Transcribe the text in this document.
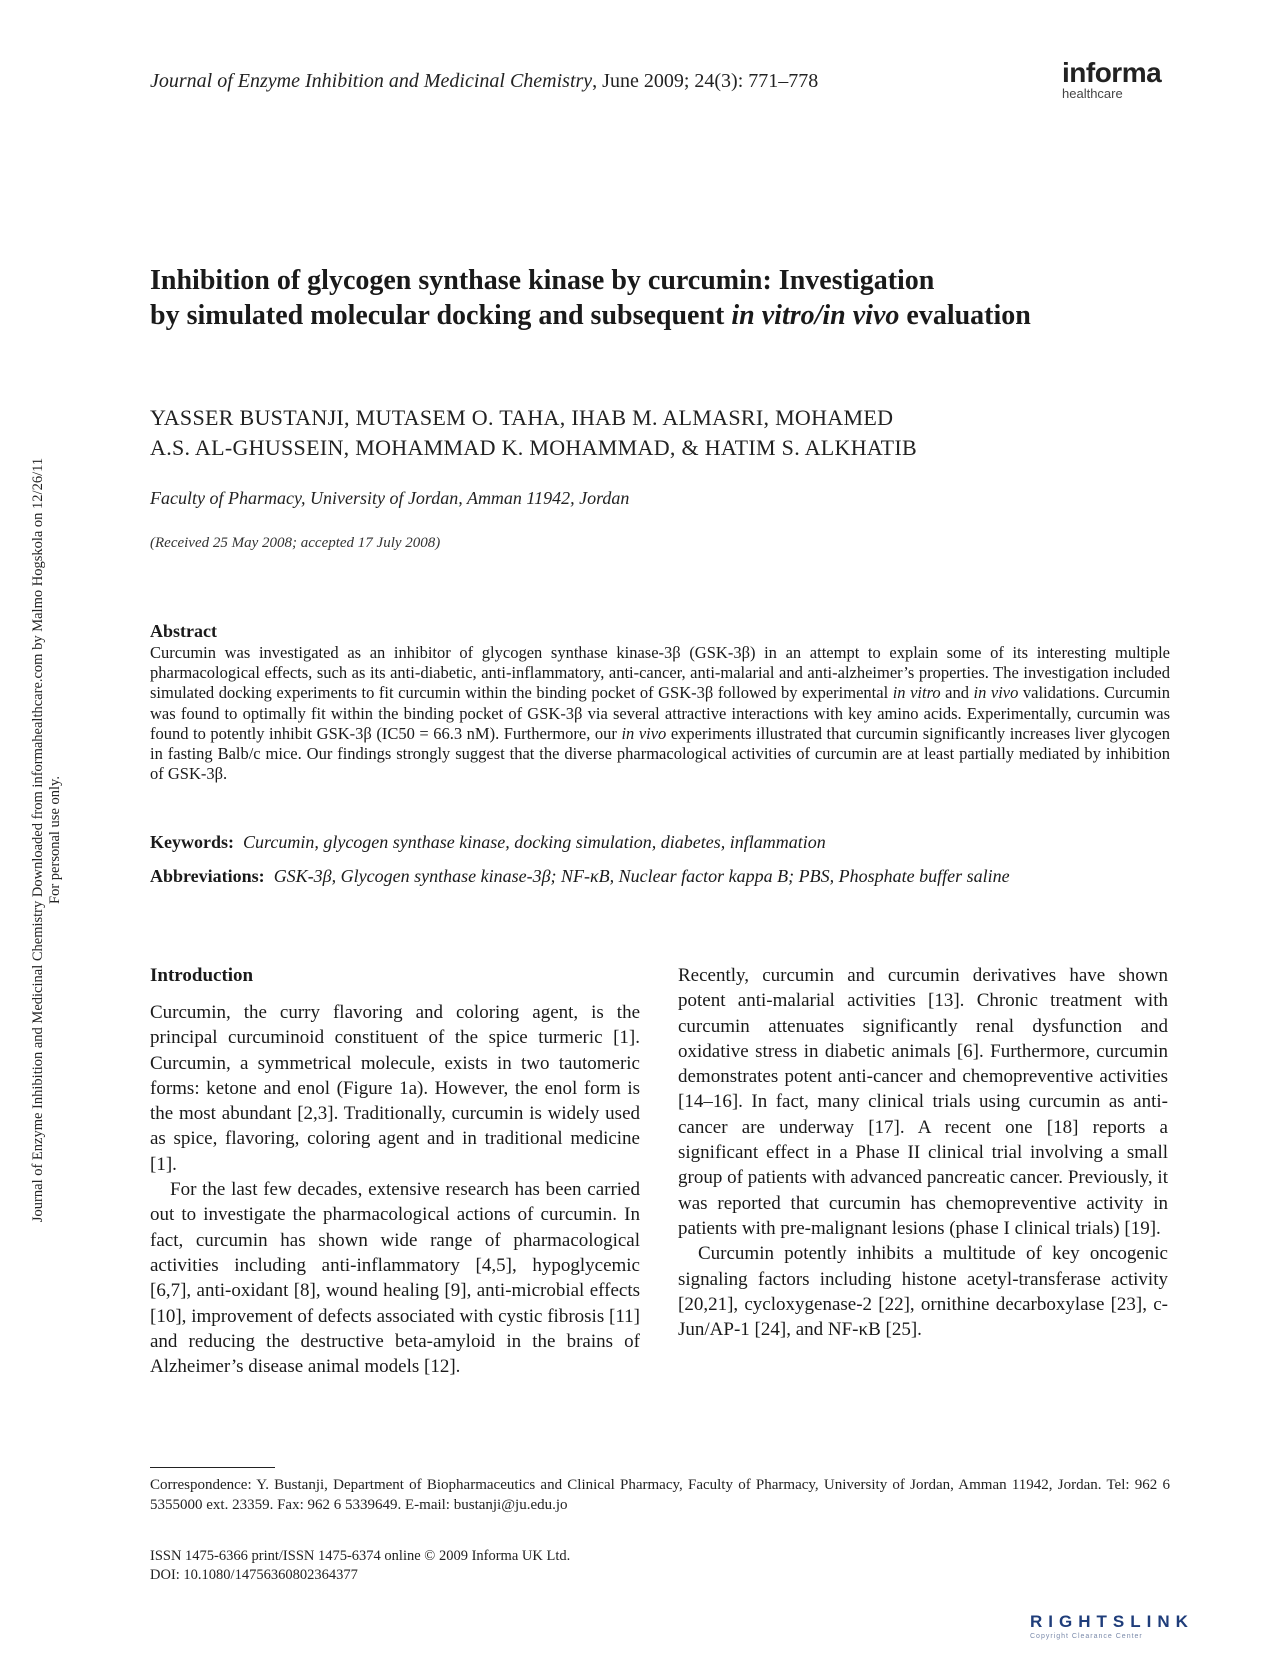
Journal of Enzyme Inhibition and Medicinal Chemistry, June 2009; 24(3): 771–778	informa
healthcare
Inhibition of glycogen synthase kinase by curcumin: Investigation
by simulated molecular docking and subsequent in vitro/in vivo evaluation
YASSER BUSTANJI, MUTASEM O. TAHA, IHAB M. ALMASRI, MOHAMED
A.S. AL-GHUSSEIN, MOHAMMAD K. MOHAMMAD, & HATIM S. ALKHATIB
Faculty of Pharmacy, University of Jordan, Amman 11942, Jordan
(Received 25 May 2008; accepted 17 July 2008)
Abstract
Curcumin was investigated as an inhibitor of glycogen synthase kinase-3β (GSK-3β) in an attempt to explain some of its interesting multiple pharmacological effects, such as its anti-diabetic, anti-inflammatory, anti-cancer, anti-malarial and anti-alzheimer’s properties. The investigation included simulated docking experiments to fit curcumin within the binding pocket of GSK-3β followed by experimental in vitro and in vivo validations. Curcumin was found to optimally fit within the binding pocket of GSK-3β via several attractive interactions with key amino acids. Experimentally, curcumin was found to potently inhibit GSK-3β (IC50 = 66.3 nM). Furthermore, our in vivo experiments illustrated that curcumin significantly increases liver glycogen in fasting Balb/c mice. Our findings strongly suggest that the diverse pharmacological activities of curcumin are at least partially mediated by inhibition of GSK-3β.
Keywords: Curcumin, glycogen synthase kinase, docking simulation, diabetes, inflammation
Abbreviations: GSK-3β, Glycogen synthase kinase-3β; NF-κB, Nuclear factor kappa B; PBS, Phosphate buffer saline
Introduction

Curcumin, the curry flavoring and coloring agent, is the principal curcuminoid constituent of the spice turmeric [1]. Curcumin, a symmetrical molecule, exists in two tautomeric forms: ketone and enol (Figure 1a). However, the enol form is the most abundant [2,3]. Traditionally, curcumin is widely used as spice, flavoring, coloring agent and in traditional medicine [1].

For the last few decades, extensive research has been carried out to investigate the pharmacological actions of curcumin. In fact, curcumin has shown wide range of pharmacological activities including anti-inflammatory [4,5], hypoglycemic [6,7], anti-oxidant [8], wound healing [9], anti-microbial effects [10], improvement of defects associated with cystic fibrosis [11] and reducing the destructive beta-amyloid in the brains of Alzheimer’s disease animal models [12].

Recently, curcumin and curcumin derivatives have shown potent anti-malarial activities [13]. Chronic treatment with curcumin attenuates significantly renal dysfunction and oxidative stress in diabetic animals [6]. Furthermore, curcumin demonstrates potent anti-cancer and chemopreventive activities [14–16]. In fact, many clinical trials using curcumin as anti-cancer are underway [17]. A recent one [18] reports a significant effect in a Phase II clinical trial involving a small group of patients with advanced pancreatic cancer. Previously, it was reported that curcumin has chemopreventive activity in patients with pre-malignant lesions (phase I clinical trials) [19].

Curcumin potently inhibits a multitude of key oncogenic signaling factors including histone acetyl-transferase activity [20,21], cycloxygenase-2 [22], ornithine decarboxylase [23], c-Jun/AP-1 [24], and NF-κB [25].

Correspondence: Y. Bustanji, Department of Biopharmaceutics and Clinical Pharmacy, Faculty of Pharmacy, University of Jordan, Amman 11942, Jordan. Tel: 962 6 5355000 ext. 23359. Fax: 962 6 5339649. E-mail: bustanji@ju.edu.jo
ISSN 1475-6366 print/ISSN 1475-6374 online © 2009 Informa UK Ltd.
DOI: 10.1080/14756360802364377
Journal of Enzyme Inhibition and Medicinal Chemistry Downloaded from informahealthcare.com by Malmo Hogskola on 12/26/11 For personal use only.
RIGHTSLINK
Copyright Clearance Center
